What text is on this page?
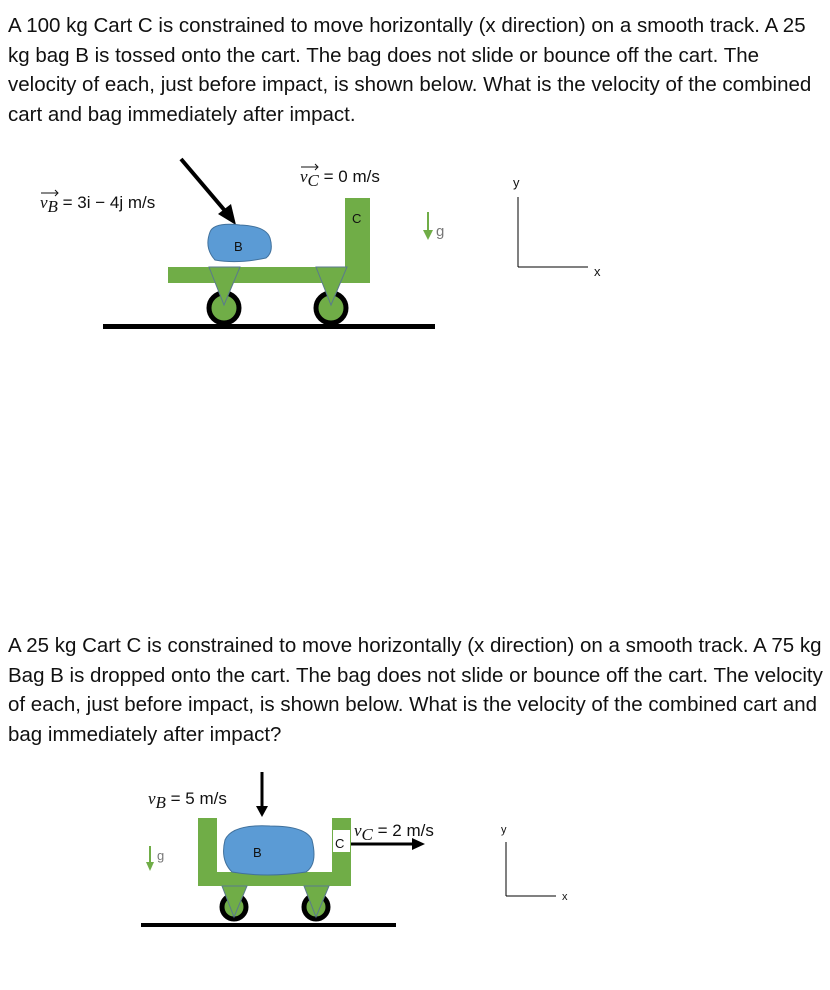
A 100 kg Cart C is constrained to move horizontally (x direction) on a smooth track. A 25 kg bag B is tossed onto the cart. The bag does not slide or bounce off the cart. The velocity of each, just before impact, is shown below. What is the velocity of the combined cart and bag immediately after impact.

vB = 3i − 4j m/s
vC = 0 m/s
C
B
g
y
x

A 25 kg Cart C is constrained to move horizontally (x direction) on a smooth track. A 75 kg Bag B is dropped onto the cart. The bag does not slide or bounce off the cart. The velocity of each, just before impact, is shown below. What is the velocity of the combined cart and bag immediately after impact?

vB = 5 m/s
g
C
B
vC = 2 m/s	y
x
